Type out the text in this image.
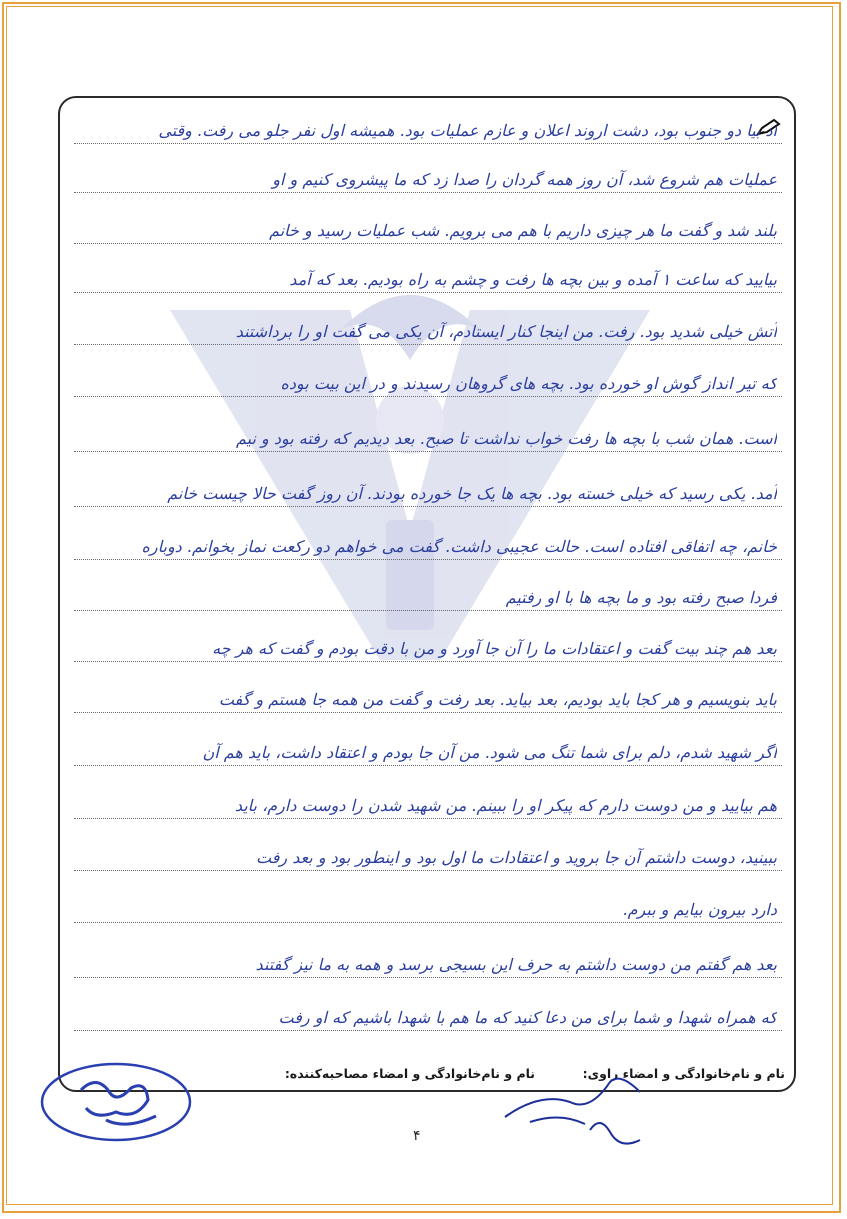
اد بیا دو جنوب بود، دشت اروند اعلان و عازم عملیات بود. همیشه اول نفر جلو می رفت. وقتی
عملیات هم شروع شد، آن روز همه گردان را صدا زد که ما پیشروی کنیم و او
بلند شد و گفت ما هر چیزی داریم با هم می برویم. شب عملیات رسید و خانم
بیایید که ساعت ۱ آمده و بین بچه ها رفت و چشم به راه بودیم. بعد که آمد
آتش خیلی شدید بود. رفت. من اینجا کنار ایستادم، آن یکی می گفت او را برداشتند
که تیر انداز گوش او خورده بود. بچه های گروهان رسیدند و در این بیت بوده
است. همان شب با بچه ها رفت خواب نداشت تا صبح. بعد دیدیم که رفته بود و نیم
آمد. یکی رسید که خیلی خسته بود. بچه ها یک جا خورده بودند. آن روز گفت حالا چیست خانم
خانم، چه اتفاقی افتاده است. حالت عجیبی داشت. گفت می خواهم دو رکعت نماز بخوانم. دوباره
فردا صبح رفته بود و ما بچه ها با او رفتیم
بعد هم چند بیت گفت و اعتقادات ما را آن جا آورد و من با دقت بودم و گفت که هر چه
باید بنویسیم و هر کجا باید بودیم، بعد بیاید. بعد رفت و گفت من همه جا هستم و گفت
اگر شهید شدم، دلم برای شما تنگ می شود. من آن جا بودم و اعتقاد داشت، باید هم آن
هم بیایید و من دوست دارم که پیکر او را ببینم. من شهید شدن را دوست دارم، باید
ببینید، دوست داشتم آن جا بروید و اعتقادات ما اول بود و اینطور بود و بعد رفت
دارد بیرون بیایم و ببرم.
بعد هم گفتم من دوست داشتم به حرف این بسیجی برسد و همه به ما نیز گفتند
که همراه شهدا و شما برای من دعا کنید که ما هم با شهدا باشیم که او رفت
نام و نام‌خانوادگی و امضاء راوی:
نام و نام‌خانوادگی و امضاء مصاحبه‌کننده:
۴
